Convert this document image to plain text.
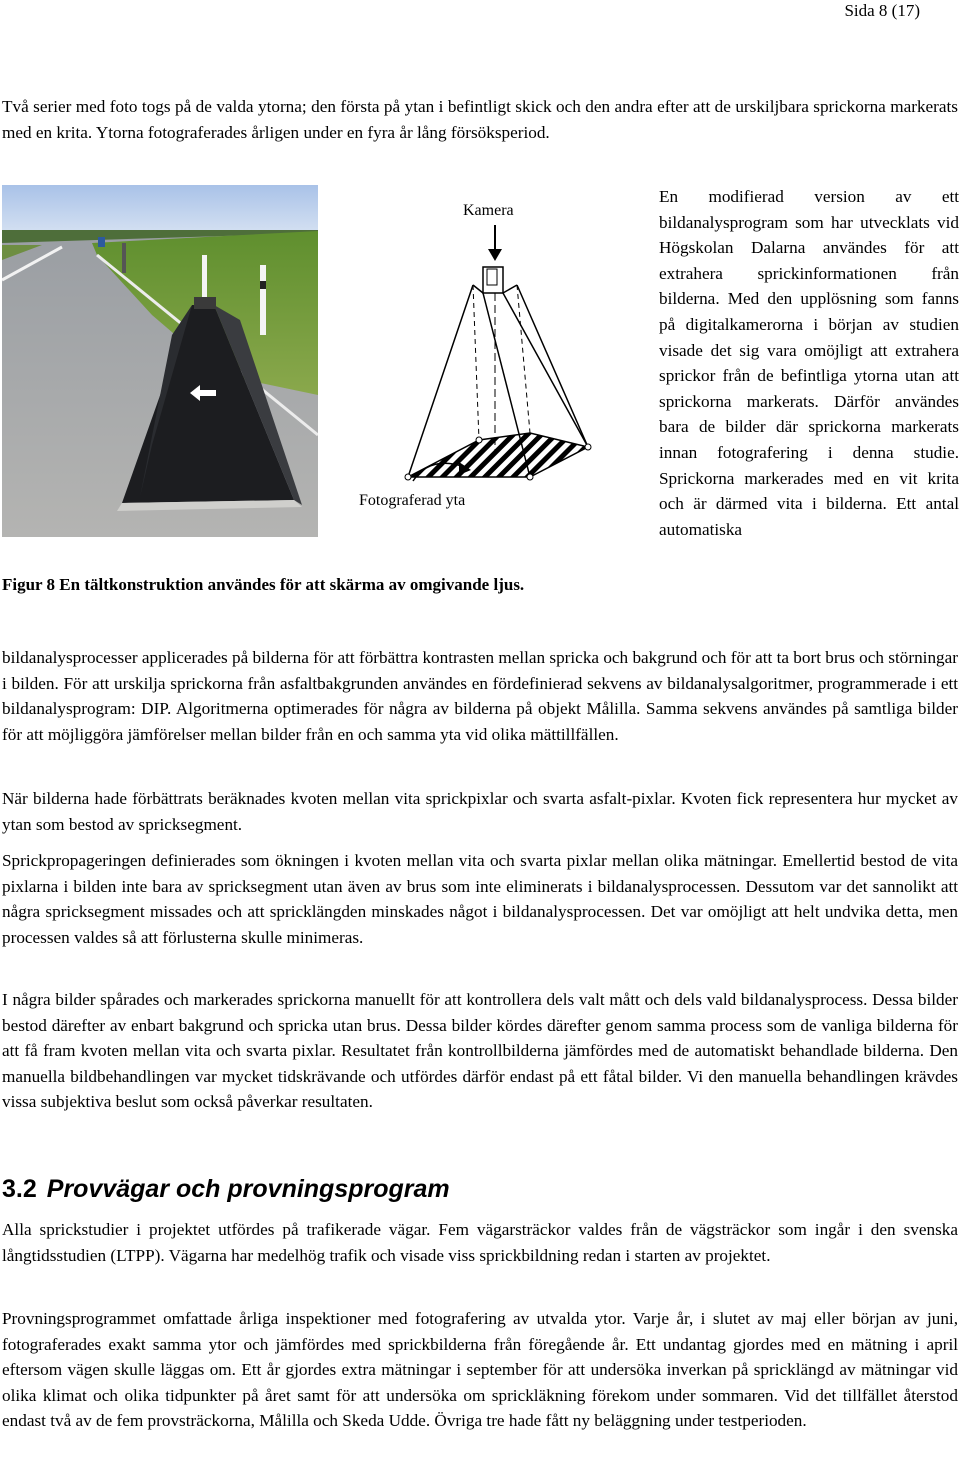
Sida 8 (17)

Två serier med foto togs på de valda ytorna; den första på ytan i befintligt skick och den andra efter att de urskiljbara sprickorna markerats med en krita. Ytorna fotograferades årligen under en fyra år lång försöksperiod.

Kamera
Fotograferad yta

En modifierad version av ett bildanalysprogram som har utvecklats vid Högskolan Dalarna användes för att extrahera sprickinformationen från bilderna. Med den upplösning som fanns på digitalkamerorna i början av studien visade det sig vara omöjligt att extrahera sprickor från de befintliga ytorna utan att sprickorna markerats. Därför användes bara de bilder där sprickorna markerats innan fotografering i denna studie. Sprickorna markerades med en vit krita och är därmed vita i bilderna. Ett antal automatiska

Figur 8 En tältkonstruktion användes för att skärma av omgivande ljus.

bildanalysprocesser applicerades på bilderna för att förbättra kontrasten mellan spricka och bakgrund och för att ta bort brus och störningar i bilden. För att urskilja sprickorna från asfaltbakgrunden användes en fördefinierad sekvens av bildanalysalgoritmer, programmerade i ett bildanalysprogram: DIP. Algoritmerna optimerades för några av bilderna på objekt Målilla. Samma sekvens användes på samtliga bilder för att möjliggöra jämförelser mellan bilder från en och samma yta vid olika mättillfällen.

När bilderna hade förbättrats beräknades kvoten mellan vita sprickpixlar och svarta asfalt-pixlar. Kvoten fick representera hur mycket av ytan som bestod av spricksegment.

Sprickpropageringen definierades som ökningen i kvoten mellan vita och svarta pixlar mellan olika mätningar. Emellertid bestod de vita pixlarna i bilden inte bara av spricksegment utan även av brus som inte eliminerats i bildanalysprocessen. Dessutom var det sannolikt att några spricksegment missades och att spricklängden minskades något i bildanalysprocessen. Det var omöjligt att helt undvika detta, men processen valdes så att förlusterna skulle minimeras.

I några bilder spårades och markerades sprickorna manuellt för att kontrollera dels valt mått och dels vald bildanalysprocess. Dessa bilder bestod därefter av enbart bakgrund och spricka utan brus. Dessa bilder kördes därefter genom samma process som de vanliga bilderna för att få fram kvoten mellan vita och svarta pixlar. Resultatet från kontrollbilderna jämfördes med de automatiskt behandlade bilderna. Den manuella bildbehandlingen var mycket tidskrävande och utfördes därför endast på ett fåtal bilder. Vi den manuella behandlingen krävdes vissa subjektiva beslut som också påverkar resultaten.

3.2 Provvägar och provningsprogram

Alla sprickstudier i projektet utfördes på trafikerade vägar. Fem vägarsträckor valdes från de vägsträckor som ingår i den svenska långtidsstudien (LTPP). Vägarna har medelhög trafik och visade viss sprickbildning redan i starten av projektet.

Provningsprogrammet omfattade årliga inspektioner med fotografering av utvalda ytor. Varje år, i slutet av maj eller början av juni, fotograferades exakt samma ytor och jämfördes med sprickbilderna från föregående år. Ett undantag gjordes med en mätning i april eftersom vägen skulle läggas om. Ett år gjordes extra mätningar i september för att undersöka inverkan på spricklängd av mätningar vid olika klimat och olika tidpunkter på året samt för att undersöka om sprickläkning förekom under sommaren. Vid det tillfället återstod endast två av de fem provsträckorna, Målilla och Skeda Udde. Övriga tre hade fått ny beläggning under testperioden.
